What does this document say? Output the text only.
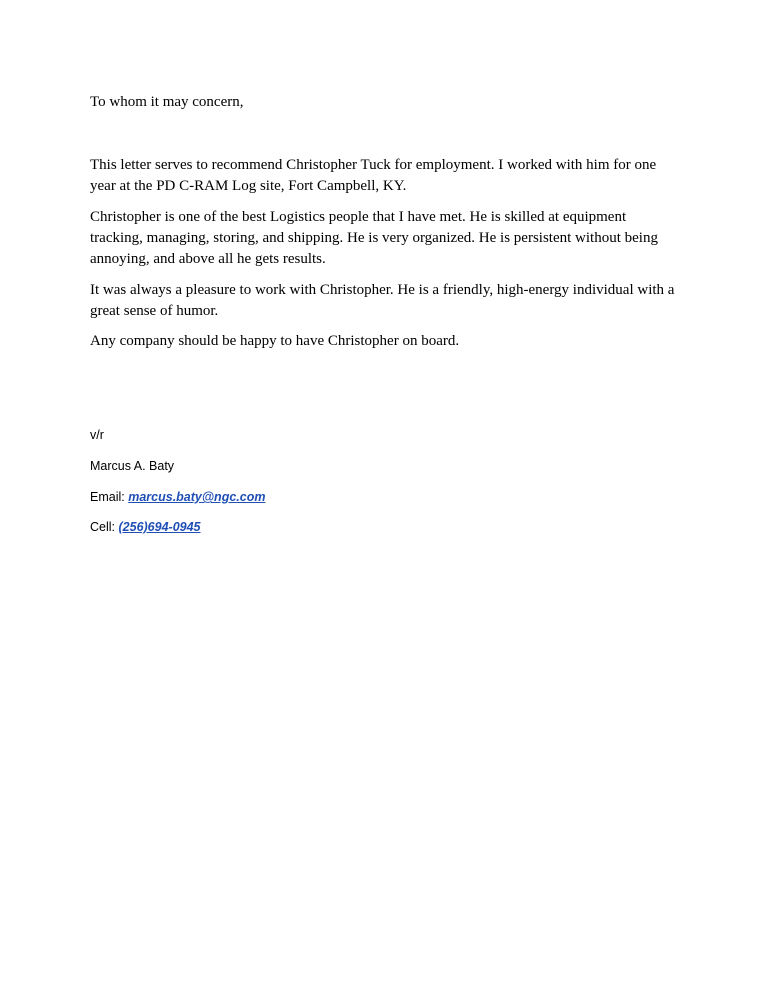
To whom it may concern,

This letter serves to recommend Christopher Tuck for employment. I worked with him for one year at the PD C-RAM Log site, Fort Campbell, KY.

Christopher is one of the best Logistics people that I have met. He is skilled at equipment tracking, managing, storing, and shipping. He is very organized. He is persistent without being annoying, and above all he gets results.

It was always a pleasure to work with Christopher. He is a friendly, high-energy individual with a great sense of humor.

Any company should be happy to have Christopher on board.

v/r

Marcus A. Baty

Email: marcus.baty@ngc.com

Cell: (256)694-0945
